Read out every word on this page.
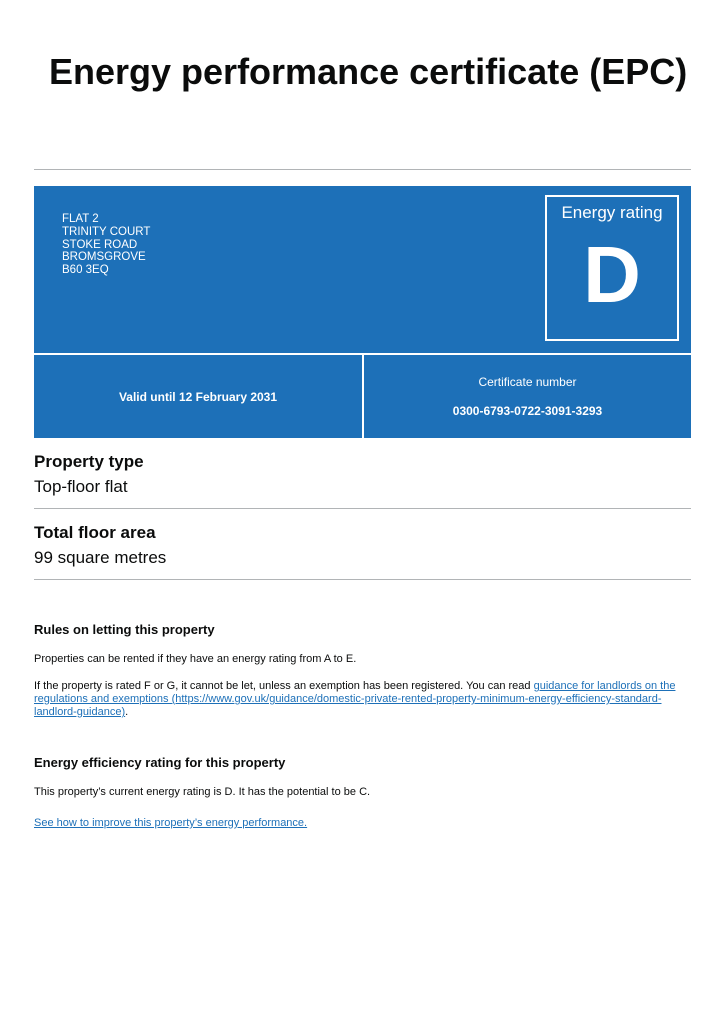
Energy performance certificate (EPC)
FLAT 2
TRINITY COURT
STOKE ROAD
BROMSGROVE
B60 3EQ
Energy rating
D
Valid until 12 February 2031
Certificate number
0300-6793-0722-3091-3293
Property type

Top-floor flat

Total floor area

99 square metres

Rules on letting this property

Properties can be rented if they have an energy rating from A to E.

If the property is rated F or G, it cannot be let, unless an exemption has been registered. You can read guidance for landlords on the regulations and exemptions (https://www.gov.uk/guidance/domestic-private-rented-property-minimum-energy-efficiency-standard-landlord-guidance).

Energy efficiency rating for this property

This property’s current energy rating is D. It has the potential to be C.

See how to improve this property’s energy performance.
